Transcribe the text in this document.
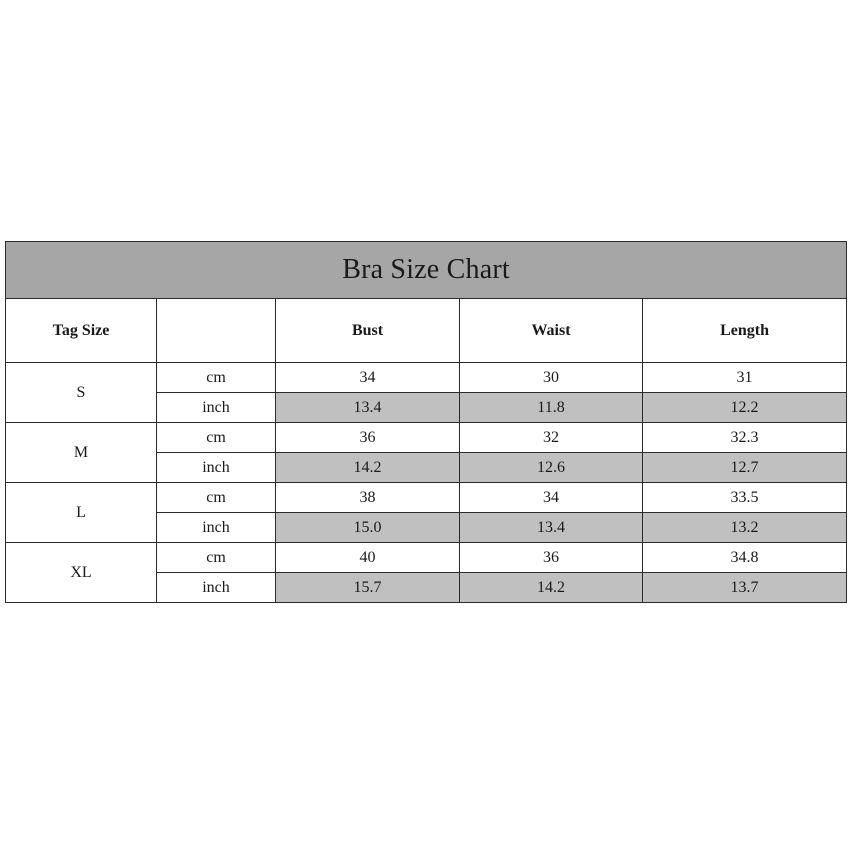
Bra Size Chart				
Tag Size		Bust	Waist	Length
S	cm	34	30	31
	inch	13.4	11.8	12.2
M	cm	36	32	32.3
	inch	14.2	12.6	12.7
L	cm	38	34	33.5
	inch	15.0	13.4	13.2
XL	cm	40	36	34.8
	inch	15.7	14.2	13.7
